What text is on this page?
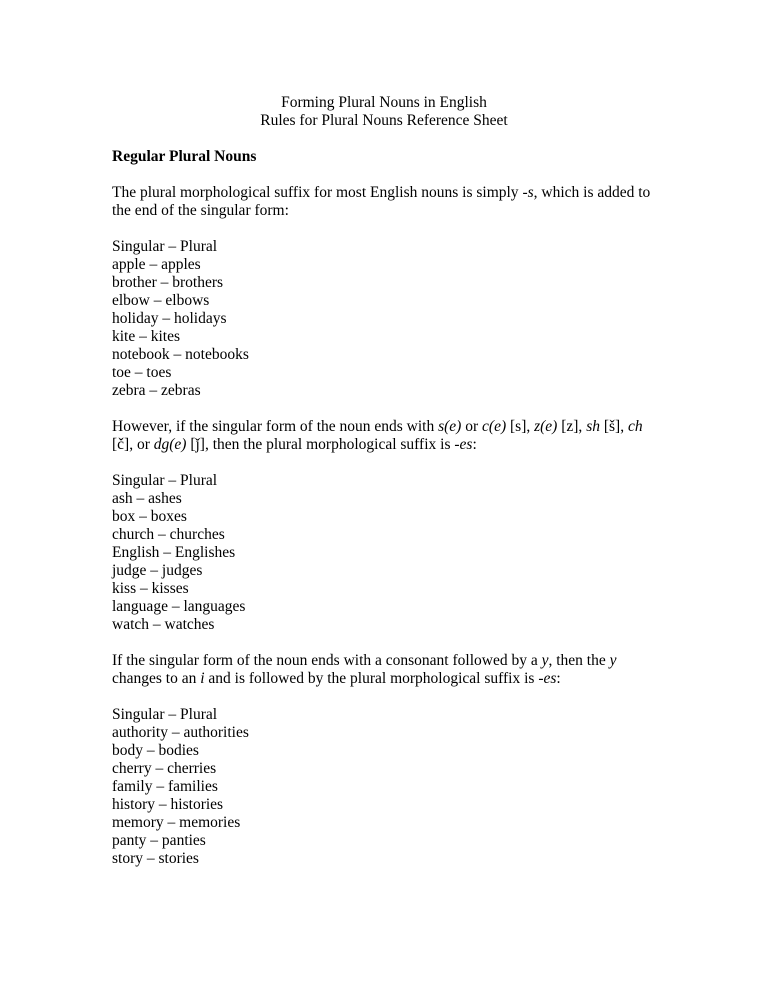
Forming Plural Nouns in English
Rules for Plural Nouns Reference Sheet
Regular Plural Nouns

The plural morphological suffix for most English nouns is simply -s, which is added to the end of the singular form:

Singular – Plural
apple – apples
brother – brothers
elbow – elbows
holiday – holidays
kite – kites
notebook – notebooks
toe – toes
zebra – zebras

However, if the singular form of the noun ends with s(e) or c(e) [s], z(e) [z], sh [š], ch [č], or dg(e) [ǰ], then the plural morphological suffix is -es:

Singular – Plural
ash – ashes
box – boxes
church – churches
English – Englishes
judge – judges
kiss – kisses
language – languages
watch – watches

If the singular form of the noun ends with a consonant followed by a y, then the y changes to an i and is followed by the plural morphological suffix is -es:

Singular – Plural
authority – authorities
body – bodies
cherry – cherries
family – families
history – histories
memory – memories
panty – panties
story – stories
